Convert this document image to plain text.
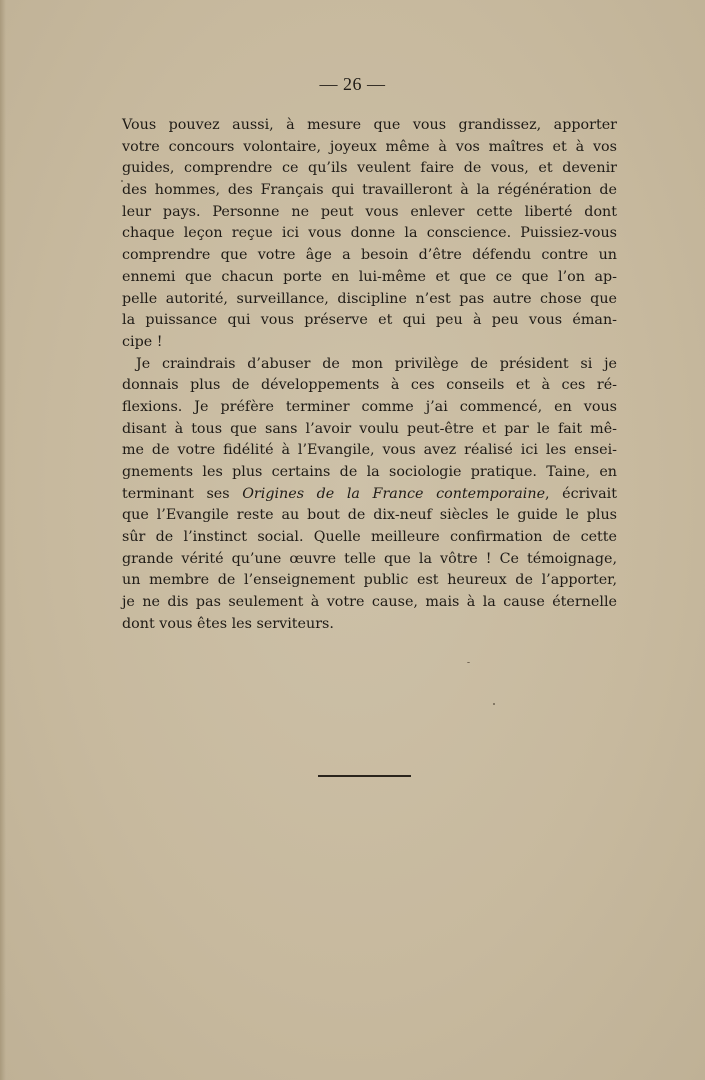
— 26 —
Vous pouvez aussi, à mesure que vous grandissez, apporter
votre concours volontaire, joyeux même à vos maîtres et à vos
guides, comprendre ce qu’ils veulent faire de vous, et devenir
des hommes, des Français qui travailleront à la régénération de
leur pays. Personne ne peut vous enlever cette liberté dont
chaque leçon reçue ici vous donne la conscience. Puissiez-vous
comprendre que votre âge a besoin d’être défendu contre un
ennemi que chacun porte en lui-même et que ce que l’on ap-
pelle autorité, surveillance, discipline n’est pas autre chose que
la puissance qui vous préserve et qui peu à peu vous éman-
cipe !
Je craindrais d’abuser de mon privilège de président si je
donnais plus de développements à ces conseils et à ces ré-
flexions. Je préfère terminer comme j’ai commencé, en vous
disant à tous que sans l’avoir voulu peut-être et par le fait mê-
me de votre fidélité à l’Evangile, vous avez réalisé ici les ensei-
gnements les plus certains de la sociologie pratique. Taine, en
terminant ses Origines de la France contemporaine, écrivait
que l’Evangile reste au bout de dix-neuf siècles le guide le plus
sûr de l’instinct social. Quelle meilleure confirmation de cette
grande vérité qu’une œuvre telle que la vôtre ! Ce témoignage,
un membre de l’enseignement public est heureux de l’apporter,
je ne dis pas seulement à votre cause, mais à la cause éternelle
dont vous êtes les serviteurs.
